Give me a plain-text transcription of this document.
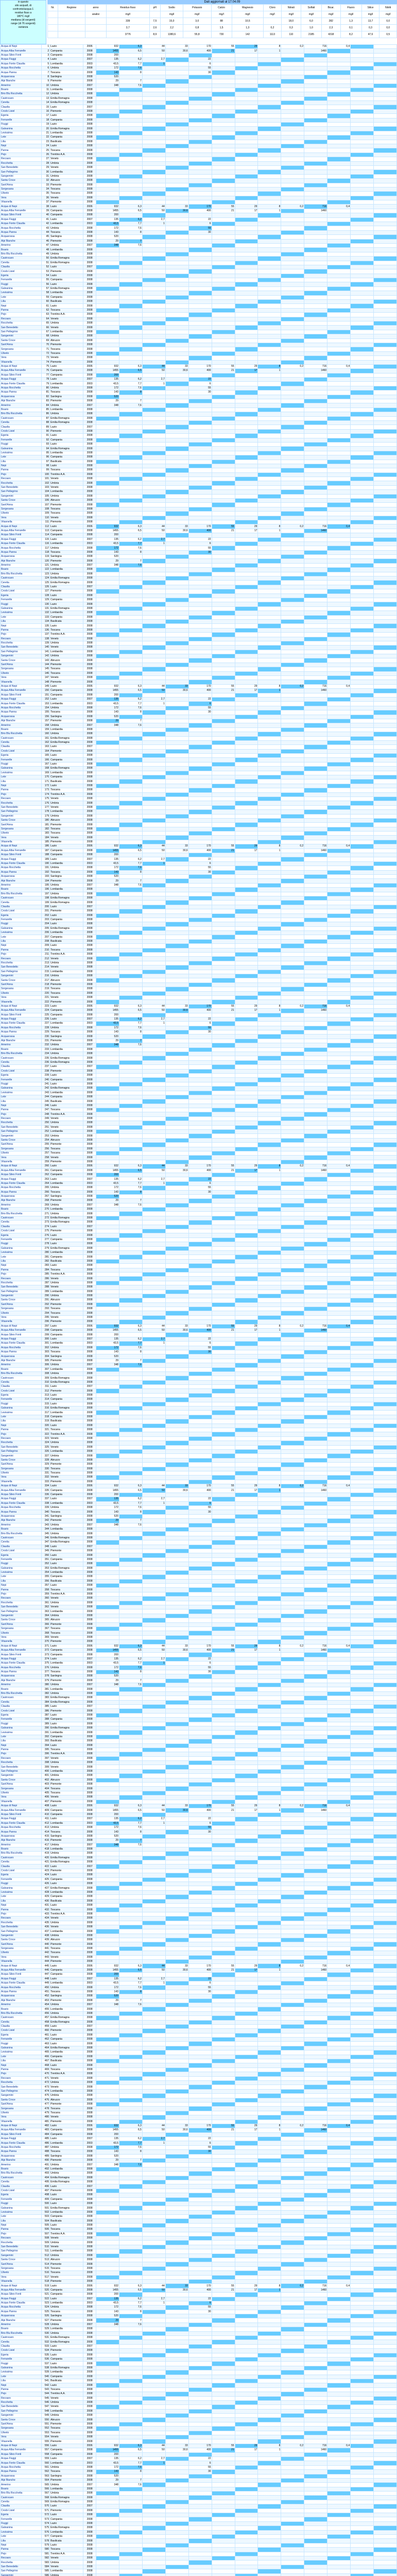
Dati aggiornati al 17.04.09
in questo
sito acqua/L di
confronto/acqua-1
residuo fisso a
180°C mg/l
mediana (di sorgenti)
range (di 76 sorgenti)
varianza
Nr.	Regione	anno	Residuo fisso	pH	Sodio	Potassio	Calcio	Magnesio	Cloro	Nitrati	Solfati	Bicar.	Fluoro	Silice	Nitriti
		analisi	mg/l		mg/l	mg/l	mg/l	mg/l	mg/l	mg/l	mg/l	mg/l	mg/l	mg/l	mg/l
			339	7,5	15,0	3,0	88	10,5		18,0	6,0	282	1,3	13,7	0,0
			3,7	2,6	2,2	0,8	1,5	1,3	0,2	0,3	1,0	2,3	0,1	0,3	0,0
			3776	8,9	1380,6	55,8	730	142	1113	110	2185	4318	8,2	47,6	0,5
Acqua di Nepi	1	Lazio	2006	932	6,3	44	33	170	55	29	8	0,2	716	0,4		
Acqua Alba Ferrarelle	2	Campania	2008	1455	6,5	50	30,6	400	21	17	1		1460			
Acqua Sileo Fonti	3	Campania	2008	200												
Acqua Fiuggi	4	Lazio	2007	135	6,2	2,7		22								
Acqua Fonte Claudia	5	Lombardia	2003	43,5	7,7	1		6								
Acqua Rocchetta	6	Umbria	2008	172	7,6			55								
Acqua Panna	7	Toscana	2008	143	8			30								
Acquarossa	8	Sardegna	2008	520												
Alpi Bianche	9	Piemonte	2008	29	7											
Amerino	10	Umbria	2007	348	7,6											
Boario	11	Lombardia	2008													
Brio Blu Rocchetta	12	Umbria	2008													
Castrocaro	13	Emilia Romagna	2008													
Cerelia	14	Emilia Romagna	2008													
Claudia	15	Lazio	2007													
Crodo Lisiel	16	Piemonte	2008													
Egeria	17	Lazio	2008													
Ferrarelle	18	Campania	2008													
Fiuggi	19	Lazio	2008													
Galvanina	20	Emilia Romagna	2008													
Levissima	21	Lombardia	2008													
Lete	22	Campania	2008													
Lilia	23	Basilicata	2008													
Nepi	24	Lazio	2008													
Panna	25	Toscana	2008													
Pejo	26	Trentino A.A.	2008													
Recoaro	27	Veneto	2008													
Rocchetta	28	Umbria	2008													
San Benedetto	29	Veneto	2008													
San Pellegrino	30	Lombardia	2008													
Sangemini	31	Umbria	2008													
Santa Croce	32	Abruzzo	2008													
Sant'Anna	33	Piemonte	2008													
Sorgesana	34	Toscana	2008													
Uliveto	35	Toscana	2008													
Vera	36	Veneto	2008													
Vitasnella	37	Piemonte	2008													
Acqua di Nepi	38	Lazio	2006	932	6,3	44	33	170	55	29	8	0,2	716	0,4		
Acqua Alba Ferrarelle	39	Campania	2008	1455	6,5	50	30,6	400	21	17	1		1460			
Acqua Sileo Fonti	40	Campania	2008	200												
Acqua Fiuggi	41	Lazio	2007	135	6,2	2,7		22								
Acqua Fonte Claudia	42	Lombardia	2003	43,5	7,7	1		6								
Acqua Rocchetta	43	Umbria	2008	172	7,6			55								
Acqua Panna	44	Toscana	2008	143	8			30								
Acquarossa	45	Sardegna	2008	520												
Alpi Bianche	46	Piemonte	2008	29	7											
Amerino	47	Umbria	2007	348	7,6											
Boario	48	Lombardia	2008													
Brio Blu Rocchetta	49	Umbria	2008													
Castrocaro	50	Emilia Romagna	2008													
Cerelia	51	Emilia Romagna	2008													
Claudia	52	Lazio	2007													
Crodo Lisiel	53	Piemonte	2008													
Egeria	54	Lazio	2008													
Ferrarelle	55	Campania	2008													
Fiuggi	56	Lazio	2008													
Galvanina	57	Emilia Romagna	2008													
Levissima	58	Lombardia	2008													
Lete	59	Campania	2008													
Lilia	60	Basilicata	2008													
Nepi	61	Lazio	2008													
Panna	62	Toscana	2008													
Pejo	63	Trentino A.A.	2008													
Recoaro	64	Veneto	2008													
Rocchetta	65	Umbria	2008													
San Benedetto	66	Veneto	2008													
San Pellegrino	67	Lombardia	2008													
Sangemini	68	Umbria	2008													
Santa Croce	69	Abruzzo	2008													
Sant'Anna	70	Piemonte	2008													
Sorgesana	71	Toscana	2008													
Uliveto	72	Toscana	2008													
Vera	73	Veneto	2008													
Vitasnella	74	Piemonte	2008													
Acqua di Nepi	75	Lazio	2006	932	6,3	44	33	170	55	29	8	0,2	716	0,4		
Acqua Alba Ferrarelle	76	Campania	2008	1455	6,5	50	30,6	400	21	17	1		1460			
Acqua Sileo Fonti	77	Campania	2008	200												
Acqua Fiuggi	78	Lazio	2007	135	6,2	2,7		22								
Acqua Fonte Claudia	79	Lombardia	2003	43,5	7,7	1		6								
Acqua Rocchetta	80	Umbria	2008	172	7,6			55								
Acqua Panna	81	Toscana	2008	143	8			30								
Acquarossa	82	Sardegna	2008	520												
Alpi Bianche	83	Piemonte	2008	29	7											
Amerino	84	Umbria	2007	348	7,6											
Boario	85	Lombardia	2008													
Brio Blu Rocchetta	86	Umbria	2008													
Castrocaro	87	Emilia Romagna	2008													
Cerelia	88	Emilia Romagna	2008													
Claudia	89	Lazio	2007													
Crodo Lisiel	90	Piemonte	2008													
Egeria	91	Lazio	2008													
Ferrarelle	92	Campania	2008													
Fiuggi	93	Lazio	2008													
Galvanina	94	Emilia Romagna	2008													
Levissima	95	Lombardia	2008													
Lete	96	Campania	2008													
Lilia	97	Basilicata	2008													
Nepi	98	Lazio	2008													
Panna	99	Toscana	2008													
Pejo	100	Trentino A.A.	2008													
Recoaro	101	Veneto	2008													
Rocchetta	102	Umbria	2008													
San Benedetto	103	Veneto	2008													
San Pellegrino	104	Lombardia	2008													
Sangemini	105	Umbria	2008													
Santa Croce	106	Abruzzo	2008													
Sant'Anna	107	Piemonte	2008													
Sorgesana	108	Toscana	2008													
Uliveto	109	Toscana	2008													
Vera	110	Veneto	2008													
Vitasnella	111	Piemonte	2008													
Acqua di Nepi	112	Lazio	2006	932	6,3	44	33	170	55	29	8	0,2	716	0,4		
Acqua Alba Ferrarelle	113	Campania	2008	1455	6,5	50	30,6	400	21	17	1		1460			
Acqua Sileo Fonti	114	Campania	2008	200												
Acqua Fiuggi	115	Lazio	2007	135	6,2	2,7		22								
Acqua Fonte Claudia	116	Lombardia	2003	43,5	7,7	1		6								
Acqua Rocchetta	117	Umbria	2008	172	7,6			55								
Acqua Panna	118	Toscana	2008	143	8			30								
Acquarossa	119	Sardegna	2008	520												
Alpi Bianche	120	Piemonte	2008	29	7											
Amerino	121	Umbria	2007	348	7,6											
Boario	122	Lombardia	2008													
Brio Blu Rocchetta	123	Umbria	2008													
Castrocaro	124	Emilia Romagna	2008													
Cerelia	125	Emilia Romagna	2008													
Claudia	126	Lazio	2007													
Crodo Lisiel	127	Piemonte	2008													
Egeria	128	Lazio	2008													
Ferrarelle	129	Campania	2008													
Fiuggi	130	Lazio	2008													
Galvanina	131	Emilia Romagna	2008													
Levissima	132	Lombardia	2008													
Lete	133	Campania	2008													
Lilia	134	Basilicata	2008													
Nepi	135	Lazio	2008													
Panna	136	Toscana	2008													
Pejo	137	Trentino A.A.	2008													
Recoaro	138	Veneto	2008													
Rocchetta	139	Umbria	2008													
San Benedetto	140	Veneto	2008													
San Pellegrino	141	Lombardia	2008													
Sangemini	142	Umbria	2008													
Santa Croce	143	Abruzzo	2008													
Sant'Anna	144	Piemonte	2008													
Sorgesana	145	Toscana	2008													
Uliveto	146	Toscana	2008													
Vera	147	Veneto	2008													
Vitasnella	148	Piemonte	2008													
Acqua di Nepi	149	Lazio	2006	932	6,3	44	33	170	55	29	8	0,2	716	0,4		
Acqua Alba Ferrarelle	150	Campania	2008	1455	6,5	50	30,6	400	21	17	1		1460			
Acqua Sileo Fonti	151	Campania	2008	200												
Acqua Fiuggi	152	Lazio	2007	135	6,2	2,7		22								
Acqua Fonte Claudia	153	Lombardia	2003	43,5	7,7	1		6								
Acqua Rocchetta	154	Umbria	2008	172	7,6			55								
Acqua Panna	155	Toscana	2008	143	8			30								
Acquarossa	156	Sardegna	2008	520												
Alpi Bianche	157	Piemonte	2008	29	7											
Amerino	158	Umbria	2007	348	7,6											
Boario	159	Lombardia	2008													
Brio Blu Rocchetta	160	Umbria	2008													
Castrocaro	161	Emilia Romagna	2008													
Cerelia	162	Emilia Romagna	2008													
Claudia	163	Lazio	2007													
Crodo Lisiel	164	Piemonte	2008													
Egeria	165	Lazio	2008													
Ferrarelle	166	Campania	2008													
Fiuggi	167	Lazio	2008													
Galvanina	168	Emilia Romagna	2008													
Levissima	169	Lombardia	2008													
Lete	170	Campania	2008													
Lilia	171	Basilicata	2008													
Nepi	172	Lazio	2008													
Panna	173	Toscana	2008													
Pejo	174	Trentino A.A.	2008													
Recoaro	175	Veneto	2008													
Rocchetta	176	Umbria	2008													
San Benedetto	177	Veneto	2008													
San Pellegrino	178	Lombardia	2008													
Sangemini	179	Umbria	2008													
Santa Croce	180	Abruzzo	2008													
Sant'Anna	181	Piemonte	2008													
Sorgesana	182	Toscana	2008													
Uliveto	183	Toscana	2008													
Vera	184	Veneto	2008													
Vitasnella	185	Piemonte	2008													
Acqua di Nepi	186	Lazio	2006	932	6,3	44	33	170	55	29	8	0,2	716	0,4		
Acqua Alba Ferrarelle	187	Campania	2008	1455	6,5	50	30,6	400	21	17	1		1460			
Acqua Sileo Fonti	188	Campania	2008	200												
Acqua Fiuggi	189	Lazio	2007	135	6,2	2,7		22								
Acqua Fonte Claudia	190	Lombardia	2003	43,5	7,7	1		6								
Acqua Rocchetta	191	Umbria	2008	172	7,6			55								
Acqua Panna	192	Toscana	2008	143	8			30								
Acquarossa	193	Sardegna	2008	520												
Alpi Bianche	194	Piemonte	2008	29	7											
Amerino	195	Umbria	2007	348	7,6											
Boario	196	Lombardia	2008													
Brio Blu Rocchetta	197	Umbria	2008													
Castrocaro	198	Emilia Romagna	2008													
Cerelia	199	Emilia Romagna	2008													
Claudia	200	Lazio	2007													
Crodo Lisiel	201	Piemonte	2008													
Egeria	202	Lazio	2008													
Ferrarelle	203	Campania	2008													
Fiuggi	204	Lazio	2008													
Galvanina	205	Emilia Romagna	2008													
Levissima	206	Lombardia	2008													
Lete	207	Campania	2008													
Lilia	208	Basilicata	2008													
Nepi	209	Lazio	2008													
Panna	210	Toscana	2008													
Pejo	211	Trentino A.A.	2008													
Recoaro	212	Veneto	2008													
Rocchetta	213	Umbria	2008													
San Benedetto	214	Veneto	2008													
San Pellegrino	215	Lombardia	2008													
Sangemini	216	Umbria	2008													
Santa Croce	217	Abruzzo	2008													
Sant'Anna	218	Piemonte	2008													
Sorgesana	219	Toscana	2008													
Uliveto	220	Toscana	2008													
Vera	221	Veneto	2008													
Vitasnella	222	Piemonte	2008													
Acqua di Nepi	223	Lazio	2006	932	6,3	44	33	170	55	29	8	0,2	716	0,4		
Acqua Alba Ferrarelle	224	Campania	2008	1455	6,5	50	30,6	400	21	17	1		1460			
Acqua Sileo Fonti	225	Campania	2008	200												
Acqua Fiuggi	226	Lazio	2007	135	6,2	2,7		22								
Acqua Fonte Claudia	227	Lombardia	2003	43,5	7,7	1		6								
Acqua Rocchetta	228	Umbria	2008	172	7,6			55								
Acqua Panna	229	Toscana	2008	143	8			30								
Acquarossa	230	Sardegna	2008	520												
Alpi Bianche	231	Piemonte	2008	29	7											
Amerino	232	Umbria	2007	348	7,6											
Boario	233	Lombardia	2008													
Brio Blu Rocchetta	234	Umbria	2008													
Castrocaro	235	Emilia Romagna	2008													
Cerelia	236	Emilia Romagna	2008													
Claudia	237	Lazio	2007													
Crodo Lisiel	238	Piemonte	2008													
Egeria	239	Lazio	2008													
Ferrarelle	240	Campania	2008													
Fiuggi	241	Lazio	2008													
Galvanina	242	Emilia Romagna	2008													
Levissima	243	Lombardia	2008													
Lete	244	Campania	2008													
Lilia	245	Basilicata	2008													
Nepi	246	Lazio	2008													
Panna	247	Toscana	2008													
Pejo	248	Trentino A.A.	2008													
Recoaro	249	Veneto	2008													
Rocchetta	250	Umbria	2008													
San Benedetto	251	Veneto	2008													
San Pellegrino	252	Lombardia	2008													
Sangemini	253	Umbria	2008													
Santa Croce	254	Abruzzo	2008													
Sant'Anna	255	Piemonte	2008													
Sorgesana	256	Toscana	2008													
Uliveto	257	Toscana	2008													
Vera	258	Veneto	2008													
Vitasnella	259	Piemonte	2008													
Acqua di Nepi	260	Lazio	2006	932	6,3	44	33	170	55	29	8	0,2	716	0,4		
Acqua Alba Ferrarelle	261	Campania	2008	1455	6,5	50	30,6	400	21	17	1		1460			
Acqua Sileo Fonti	262	Campania	2008	200												
Acqua Fiuggi	263	Lazio	2007	135	6,2	2,7		22								
Acqua Fonte Claudia	264	Lombardia	2003	43,5	7,7	1		6								
Acqua Rocchetta	265	Umbria	2008	172	7,6			55								
Acqua Panna	266	Toscana	2008	143	8			30								
Acquarossa	267	Sardegna	2008	520												
Alpi Bianche	268	Piemonte	2008	29	7											
Amerino	269	Umbria	2007	348	7,6											
Boario	270	Lombardia	2008													
Brio Blu Rocchetta	271	Umbria	2008													
Castrocaro	272	Emilia Romagna	2008													
Cerelia	273	Emilia Romagna	2008													
Claudia	274	Lazio	2007													
Crodo Lisiel	275	Piemonte	2008													
Egeria	276	Lazio	2008													
Ferrarelle	277	Campania	2008													
Fiuggi	278	Lazio	2008													
Galvanina	279	Emilia Romagna	2008													
Levissima	280	Lombardia	2008													
Lete	281	Campania	2008													
Lilia	282	Basilicata	2008													
Nepi	283	Lazio	2008													
Panna	284	Toscana	2008													
Pejo	285	Trentino A.A.	2008													
Recoaro	286	Veneto	2008													
Rocchetta	287	Umbria	2008													
San Benedetto	288	Veneto	2008													
San Pellegrino	289	Lombardia	2008													
Sangemini	290	Umbria	2008													
Santa Croce	291	Abruzzo	2008													
Sant'Anna	292	Piemonte	2008													
Sorgesana	293	Toscana	2008													
Uliveto	294	Toscana	2008													
Vera	295	Veneto	2008													
Vitasnella	296	Piemonte	2008													
Acqua di Nepi	297	Lazio	2006	932	6,3	44	33	170	55	29	8	0,2	716	0,4		
Acqua Alba Ferrarelle	298	Campania	2008	1455	6,5	50	30,6	400	21	17	1		1460			
Acqua Sileo Fonti	299	Campania	2008	200												
Acqua Fiuggi	300	Lazio	2007	135	6,2	2,7		22								
Acqua Fonte Claudia	301	Lombardia	2003	43,5	7,7	1		6								
Acqua Rocchetta	302	Umbria	2008	172	7,6			55								
Acqua Panna	303	Toscana	2008	143	8			30								
Acquarossa	304	Sardegna	2008	520												
Alpi Bianche	305	Piemonte	2008	29	7											
Amerino	306	Umbria	2007	348	7,6											
Boario	307	Lombardia	2008													
Brio Blu Rocchetta	308	Umbria	2008													
Castrocaro	309	Emilia Romagna	2008													
Cerelia	310	Emilia Romagna	2008													
Claudia	311	Lazio	2007													
Crodo Lisiel	312	Piemonte	2008													
Egeria	313	Lazio	2008													
Ferrarelle	314	Campania	2008													
Fiuggi	315	Lazio	2008													
Galvanina	316	Emilia Romagna	2008													
Levissima	317	Lombardia	2008													
Lete	318	Campania	2008													
Lilia	319	Basilicata	2008													
Nepi	320	Lazio	2008													
Panna	321	Toscana	2008													
Pejo	322	Trentino A.A.	2008													
Recoaro	323	Veneto	2008													
Rocchetta	324	Umbria	2008													
San Benedetto	325	Veneto	2008													
San Pellegrino	326	Lombardia	2008													
Sangemini	327	Umbria	2008													
Santa Croce	328	Abruzzo	2008													
Sant'Anna	329	Piemonte	2008													
Sorgesana	330	Toscana	2008													
Uliveto	331	Toscana	2008													
Vera	332	Veneto	2008													
Vitasnella	333	Piemonte	2008													
Acqua di Nepi	334	Lazio	2006	932	6,3	44	33	170	55	29	8	0,2	716	0,4		
Acqua Alba Ferrarelle	335	Campania	2008	1455	6,5	50	30,6	400	21	17	1		1460			
Acqua Sileo Fonti	336	Campania	2008	200												
Acqua Fiuggi	337	Lazio	2007	135	6,2	2,7		22								
Acqua Fonte Claudia	338	Lombardia	2003	43,5	7,7	1		6								
Acqua Rocchetta	339	Umbria	2008	172	7,6			55								
Acqua Panna	340	Toscana	2008	143	8			30								
Acquarossa	341	Sardegna	2008	520												
Alpi Bianche	342	Piemonte	2008	29	7											
Amerino	343	Umbria	2007	348	7,6											
Boario	344	Lombardia	2008													
Brio Blu Rocchetta	345	Umbria	2008													
Castrocaro	346	Emilia Romagna	2008													
Cerelia	347	Emilia Romagna	2008													
Claudia	348	Lazio	2007													
Crodo Lisiel	349	Piemonte	2008													
Egeria	350	Lazio	2008													
Ferrarelle	351	Campania	2008													
Fiuggi	352	Lazio	2008													
Galvanina	353	Emilia Romagna	2008													
Levissima	354	Lombardia	2008													
Lete	355	Campania	2008													
Lilia	356	Basilicata	2008													
Nepi	357	Lazio	2008													
Panna	358	Toscana	2008													
Pejo	359	Trentino A.A.	2008													
Recoaro	360	Veneto	2008													
Rocchetta	361	Umbria	2008													
San Benedetto	362	Veneto	2008													
San Pellegrino	363	Lombardia	2008													
Sangemini	364	Umbria	2008													
Santa Croce	365	Abruzzo	2008													
Sant'Anna	366	Piemonte	2008													
Sorgesana	367	Toscana	2008													
Uliveto	368	Toscana	2008													
Vera	369	Veneto	2008													
Vitasnella	370	Piemonte	2008													
Acqua di Nepi	371	Lazio	2006	932	6,3	44	33	170	55	29	8	0,2	716	0,4		
Acqua Alba Ferrarelle	372	Campania	2008	1455	6,5	50	30,6	400	21	17	1		1460			
Acqua Sileo Fonti	373	Campania	2008	200												
Acqua Fiuggi	374	Lazio	2007	135	6,2	2,7		22								
Acqua Fonte Claudia	375	Lombardia	2003	43,5	7,7	1		6								
Acqua Rocchetta	376	Umbria	2008	172	7,6			55								
Acqua Panna	377	Toscana	2008	143	8			30								
Acquarossa	378	Sardegna	2008	520												
Alpi Bianche	379	Piemonte	2008	29	7											
Amerino	380	Umbria	2007	348	7,6											
Boario	381	Lombardia	2008													
Brio Blu Rocchetta	382	Umbria	2008													
Castrocaro	383	Emilia Romagna	2008													
Cerelia	384	Emilia Romagna	2008													
Claudia	385	Lazio	2007													
Crodo Lisiel	386	Piemonte	2008													
Egeria	387	Lazio	2008													
Ferrarelle	388	Campania	2008													
Fiuggi	389	Lazio	2008													
Galvanina	390	Emilia Romagna	2008													
Levissima	391	Lombardia	2008													
Lete	392	Campania	2008													
Lilia	393	Basilicata	2008													
Nepi	394	Lazio	2008													
Panna	395	Toscana	2008													
Pejo	396	Trentino A.A.	2008													
Recoaro	397	Veneto	2008													
Rocchetta	398	Umbria	2008													
San Benedetto	399	Veneto	2008													
San Pellegrino	400	Lombardia	2008													
Sangemini	401	Umbria	2008													
Santa Croce	402	Abruzzo	2008													
Sant'Anna	403	Piemonte	2008													
Sorgesana	404	Toscana	2008													
Uliveto	405	Toscana	2008													
Vera	406	Veneto	2008													
Vitasnella	407	Piemonte	2008													
Acqua di Nepi	408	Lazio	2006	932	6,3	44	33	170	55	29	8	0,2	716	0,4		
Acqua Alba Ferrarelle	409	Campania	2008	1455	6,5	50	30,6	400	21	17	1		1460			
Acqua Sileo Fonti	410	Campania	2008	200												
Acqua Fiuggi	411	Lazio	2007	135	6,2	2,7		22								
Acqua Fonte Claudia	412	Lombardia	2003	43,5	7,7	1		6								
Acqua Rocchetta	413	Umbria	2008	172	7,6			55								
Acqua Panna	414	Toscana	2008	143	8			30								
Acquarossa	415	Sardegna	2008	520												
Alpi Bianche	416	Piemonte	2008	29	7											
Amerino	417	Umbria	2007	348	7,6											
Boario	418	Lombardia	2008													
Brio Blu Rocchetta	419	Umbria	2008													
Castrocaro	420	Emilia Romagna	2008													
Cerelia	421	Emilia Romagna	2008													
Claudia	422	Lazio	2007													
Crodo Lisiel	423	Piemonte	2008													
Egeria	424	Lazio	2008													
Ferrarelle	425	Campania	2008													
Fiuggi	426	Lazio	2008													
Galvanina	427	Emilia Romagna	2008													
Levissima	428	Lombardia	2008													
Lete	429	Campania	2008													
Lilia	430	Basilicata	2008													
Nepi	431	Lazio	2008													
Panna	432	Toscana	2008													
Pejo	433	Trentino A.A.	2008													
Recoaro	434	Veneto	2008													
Rocchetta	435	Umbria	2008													
San Benedetto	436	Veneto	2008													
San Pellegrino	437	Lombardia	2008													
Sangemini	438	Umbria	2008													
Santa Croce	439	Abruzzo	2008													
Sant'Anna	440	Piemonte	2008													
Sorgesana	441	Toscana	2008													
Uliveto	442	Toscana	2008													
Vera	443	Veneto	2008													
Vitasnella	444	Piemonte	2008													
Acqua di Nepi	445	Lazio	2006	932	6,3	44	33	170	55	29	8	0,2	716	0,4		
Acqua Alba Ferrarelle	446	Campania	2008	1455	6,5	50	30,6	400	21	17	1		1460			
Acqua Sileo Fonti	447	Campania	2008	200												
Acqua Fiuggi	448	Lazio	2007	135	6,2	2,7		22								
Acqua Fonte Claudia	449	Lombardia	2003	43,5	7,7	1		6								
Acqua Rocchetta	450	Umbria	2008	172	7,6			55								
Acqua Panna	451	Toscana	2008	143	8			30								
Acquarossa	452	Sardegna	2008	520												
Alpi Bianche	453	Piemonte	2008	29	7											
Amerino	454	Umbria	2007	348	7,6											
Boario	455	Lombardia	2008													
Brio Blu Rocchetta	456	Umbria	2008													
Castrocaro	457	Emilia Romagna	2008													
Cerelia	458	Emilia Romagna	2008													
Claudia	459	Lazio	2007													
Crodo Lisiel	460	Piemonte	2008													
Egeria	461	Lazio	2008													
Ferrarelle	462	Campania	2008													
Fiuggi	463	Lazio	2008													
Galvanina	464	Emilia Romagna	2008													
Levissima	465	Lombardia	2008													
Lete	466	Campania	2008													
Lilia	467	Basilicata	2008													
Nepi	468	Lazio	2008													
Panna	469	Toscana	2008													
Pejo	470	Trentino A.A.	2008													
Recoaro	471	Veneto	2008													
Rocchetta	472	Umbria	2008													
San Benedetto	473	Veneto	2008													
San Pellegrino	474	Lombardia	2008													
Sangemini	475	Umbria	2008													
Santa Croce	476	Abruzzo	2008													
Sant'Anna	477	Piemonte	2008													
Sorgesana	478	Toscana	2008													
Uliveto	479	Toscana	2008													
Vera	480	Veneto	2008													
Vitasnella	481	Piemonte	2008													
Acqua di Nepi	482	Lazio	2006	932	6,3	44	33	170	55	29	8	0,2	716	0,4		
Acqua Alba Ferrarelle	483	Campania	2008	1455	6,5	50	30,6	400	21	17	1		1460			
Acqua Sileo Fonti	484	Campania	2008	200												
Acqua Fiuggi	485	Lazio	2007	135	6,2	2,7		22								
Acqua Fonte Claudia	486	Lombardia	2003	43,5	7,7	1		6								
Acqua Rocchetta	487	Umbria	2008	172	7,6			55								
Acqua Panna	488	Toscana	2008	143	8			30								
Acquarossa	489	Sardegna	2008	520												
Alpi Bianche	490	Piemonte	2008	29	7											
Amerino	491	Umbria	2007	348	7,6											
Boario	492	Lombardia	2008													
Brio Blu Rocchetta	493	Umbria	2008													
Castrocaro	494	Emilia Romagna	2008													
Cerelia	495	Emilia Romagna	2008													
Claudia	496	Lazio	2007													
Crodo Lisiel	497	Piemonte	2008													
Egeria	498	Lazio	2008													
Ferrarelle	499	Campania	2008													
Fiuggi	500	Lazio	2008													
Galvanina	501	Emilia Romagna	2008													
Levissima	502	Lombardia	2008													
Lete	503	Campania	2008													
Lilia	504	Basilicata	2008													
Nepi	505	Lazio	2008													
Panna	506	Toscana	2008													
Pejo	507	Trentino A.A.	2008													
Recoaro	508	Veneto	2008													
Rocchetta	509	Umbria	2008													
San Benedetto	510	Veneto	2008													
San Pellegrino	511	Lombardia	2008													
Sangemini	512	Umbria	2008													
Santa Croce	513	Abruzzo	2008													
Sant'Anna	514	Piemonte	2008													
Sorgesana	515	Toscana	2008													
Uliveto	516	Toscana	2008													
Vera	517	Veneto	2008													
Vitasnella	518	Piemonte	2008													
Acqua di Nepi	519	Lazio	2006	932	6,3	44	33	170	55	29	8	0,2	716	0,4		
Acqua Alba Ferrarelle	520	Campania	2008	1455	6,5	50	30,6	400	21	17	1		1460			
Acqua Sileo Fonti	521	Campania	2008	200												
Acqua Fiuggi	522	Lazio	2007	135	6,2	2,7		22								
Acqua Fonte Claudia	523	Lombardia	2003	43,5	7,7	1		6								
Acqua Rocchetta	524	Umbria	2008	172	7,6			55								
Acqua Panna	525	Toscana	2008	143	8			30								
Acquarossa	526	Sardegna	2008	520												
Alpi Bianche	527	Piemonte	2008	29	7											
Amerino	528	Umbria	2007	348	7,6											
Boario	529	Lombardia	2008													
Brio Blu Rocchetta	530	Umbria	2008													
Castrocaro	531	Emilia Romagna	2008													
Cerelia	532	Emilia Romagna	2008													
Claudia	533	Lazio	2007													
Crodo Lisiel	534	Piemonte	2008													
Egeria	535	Lazio	2008													
Ferrarelle	536	Campania	2008													
Fiuggi	537	Lazio	2008													
Galvanina	538	Emilia Romagna	2008													
Levissima	539	Lombardia	2008													
Lete	540	Campania	2008													
Lilia	541	Basilicata	2008													
Nepi	542	Lazio	2008													
Panna	543	Toscana	2008													
Pejo	544	Trentino A.A.	2008													
Recoaro	545	Veneto	2008													
Rocchetta	546	Umbria	2008													
San Benedetto	547	Veneto	2008													
San Pellegrino	548	Lombardia	2008													
Sangemini	549	Umbria	2008													
Santa Croce	550	Abruzzo	2008													
Sant'Anna	551	Piemonte	2008													
Sorgesana	552	Toscana	2008													
Uliveto	553	Toscana	2008													
Vera	554	Veneto	2008													
Vitasnella	555	Piemonte	2008													
Acqua di Nepi	556	Lazio	2006	932	6,3	44	33	170	55	29	8	0,2	716	0,4		
Acqua Alba Ferrarelle	557	Campania	2008	1455	6,5	50	30,6	400	21	17	1		1460			
Acqua Sileo Fonti	558	Campania	2008	200												
Acqua Fiuggi	559	Lazio	2007	135	6,2	2,7		22								
Acqua Fonte Claudia	560	Lombardia	2003	43,5	7,7	1		6								
Acqua Rocchetta	561	Umbria	2008	172	7,6			55								
Acqua Panna	562	Toscana	2008	143	8			30								
Acquarossa	563	Sardegna	2008	520												
Alpi Bianche	564	Piemonte	2008	29	7											
Amerino	565	Umbria	2007	348	7,6											
Boario	566	Lombardia	2008													
Brio Blu Rocchetta	567	Umbria	2008													
Castrocaro	568	Emilia Romagna	2008													
Cerelia	569	Emilia Romagna	2008													
Claudia	570	Lazio	2007													
Crodo Lisiel	571	Piemonte	2008													
Egeria	572	Lazio	2008													
Ferrarelle	573	Campania	2008													
Fiuggi	574	Lazio	2008													
Galvanina	575	Emilia Romagna	2008													
Levissima	576	Lombardia	2008													
Lete	577	Campania	2008													
Lilia	578	Basilicata	2008													
Nepi	579	Lazio	2008													
Panna	580	Toscana	2008													
Pejo	581	Trentino A.A.	2008													
Recoaro	582	Veneto	2008													
Rocchetta	583	Umbria	2008													
San Benedetto	584	Veneto	2008													
San Pellegrino	585	Lombardia	2008													
Sangemini	586	Umbria	2008													
